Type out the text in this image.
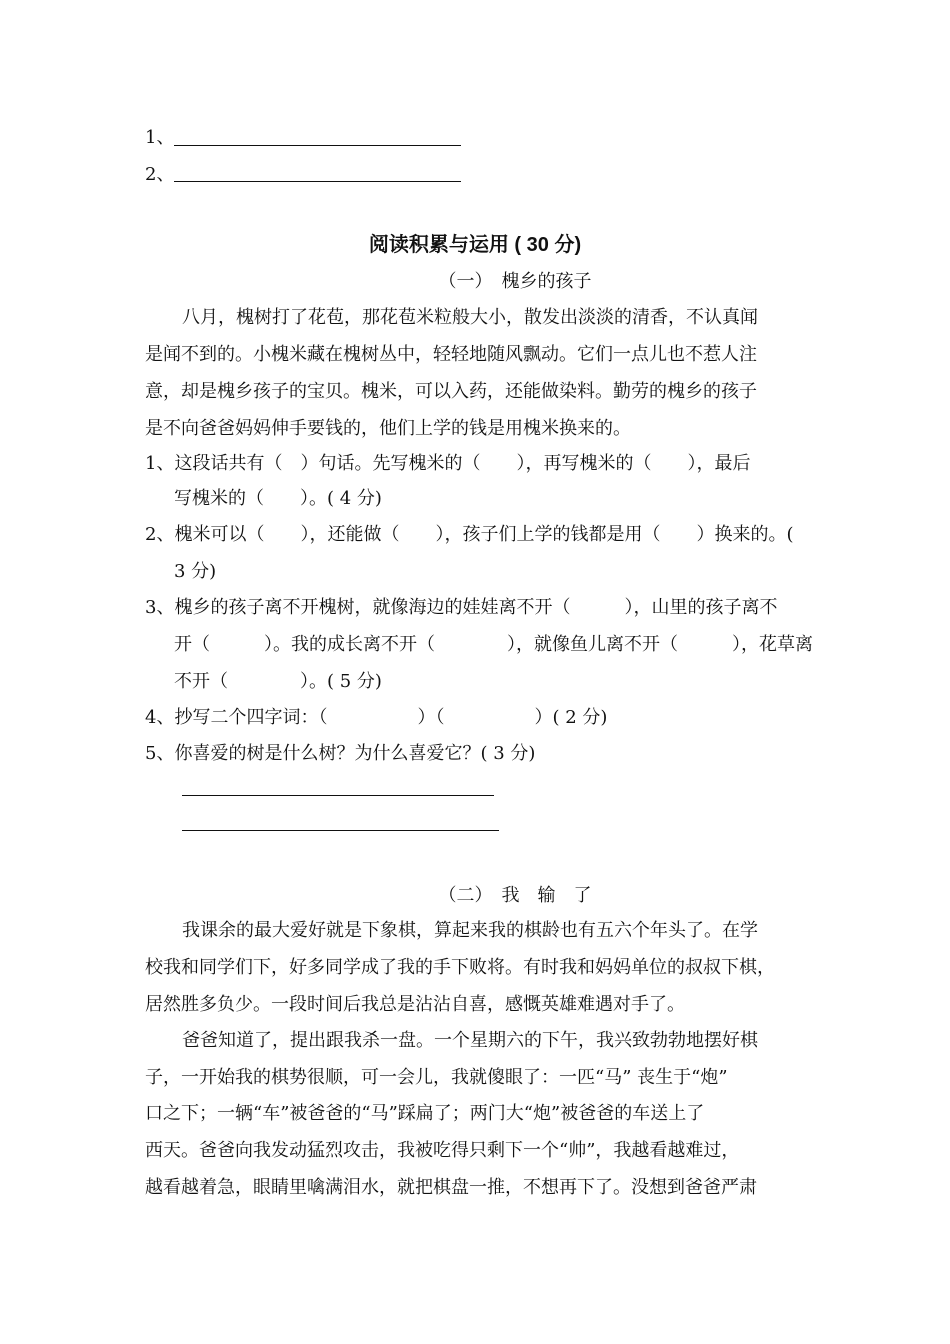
1、
2、
阅读积累与运用 ( 30 分)
（一）　槐乡的孩子
八月，槐树打了花苞，那花苞米粒般大小，散发出淡淡的清香，不认真闻
是闻不到的。小槐米藏在槐树丛中，轻轻地随风飘动。它们一点儿也不惹人注
意，却是槐乡孩子的宝贝。槐米，可以入药，还能做染料。勤劳的槐乡的孩子
是不向爸爸妈妈伸手要钱的，他们上学的钱是用槐米换来的。
1、这段话共有（　）句话。先写槐米的（　　），再写槐米的（　　），最后
写槐米的（　　）。( 4 分)
2、槐米可以（　　），还能做（　　），孩子们上学的钱都是用（　　）换来的。(
3 分)
3、槐乡的孩子离不开槐树，就像海边的娃娃离不开（　　　），山里的孩子离不
开（　　　）。我的成长离不开（　　　　），就像鱼儿离不开（　　　），花草离
不开（　　　　）。( 5 分)
4、抄写二个四字词：（　　　　　）（　　　　　）( 2 分)
5、你喜爱的树是什么树？为什么喜爱它？( 3 分)
（二）　我　输　了
我课余的最大爱好就是下象棋，算起来我的棋龄也有五六个年头了。在学
校我和同学们下，好多同学成了我的手下败将。有时我和妈妈单位的叔叔下棋，
居然胜多负少。一段时间后我总是沾沾自喜，感慨英雄难遇对手了。
爸爸知道了，提出跟我杀一盘。一个星期六的下午，我兴致勃勃地摆好棋
子，一开始我的棋势很顺，可一会儿，我就傻眼了：一匹“马” 丧生于“炮”
口之下；一辆“车”被爸爸的“马”踩扁了；两门大“炮”被爸爸的车送上了
西天。爸爸向我发动猛烈攻击，我被吃得只剩下一个“帅”，我越看越难过，
越看越着急，眼睛里噙满泪水，就把棋盘一推，不想再下了。没想到爸爸严肃
